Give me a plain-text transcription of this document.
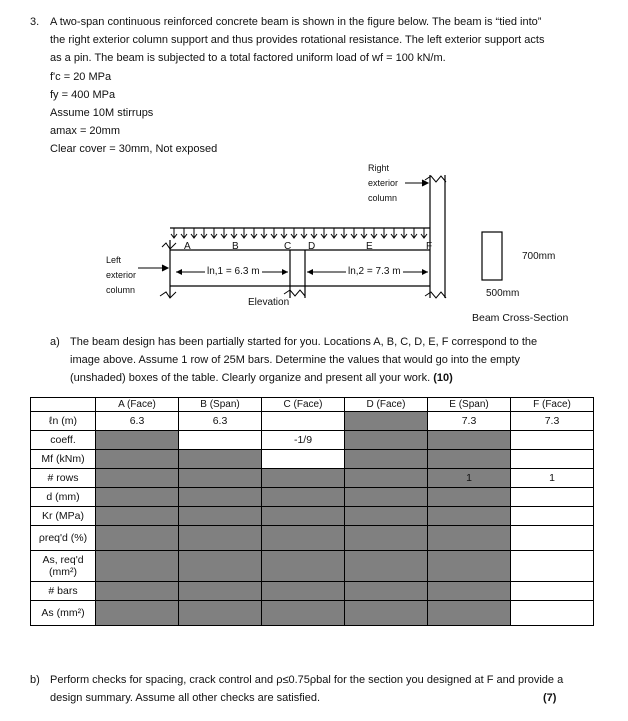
3. A two-span continuous reinforced concrete beam is shown in the figure below. The beam is “tied into”
the right exterior column support and thus provides rotational resistance. The left exterior support acts
as a pin. The beam is subjected to a total factored uniform load of wf = 100 kN/m.
f'c = 20 MPa
fy = 400 MPa
Assume 10M stirrups
amax = 20mm
Clear cover = 30mm, Not exposed
Right
exterior
column
Left
exterior
column
A	B	C D	E	F
ln,1 = 6.3 m	ln,2 = 7.3 m
Elevation
700mm
500mm
Beam Cross-Section
a) The beam design has been partially started for you. Locations A, B, C, D, E, F correspond to the
image above. Assume 1 row of 25M bars. Determine the values that would go into the empty
(unshaded) boxes of the table. Clearly organize and present all your work. (10)
	A (Face)	B (Span)	C (Face)	D (Face)	E (Span)	F (Face)
ℓn (m)	6.3	6.3			7.3	7.3
coeff.			-1/9			
Mf (kNm)						
# rows					1	1
d (mm)						
Kr (MPa)						
ρreq'd (%)						
As, req'd (mm²)						
# bars						
As (mm²)						
b) Perform checks for spacing, crack control and ρ≤0.75ρbal for the section you designed at F and provide a
design summary. Assume all other checks are satisfied.	(7)
